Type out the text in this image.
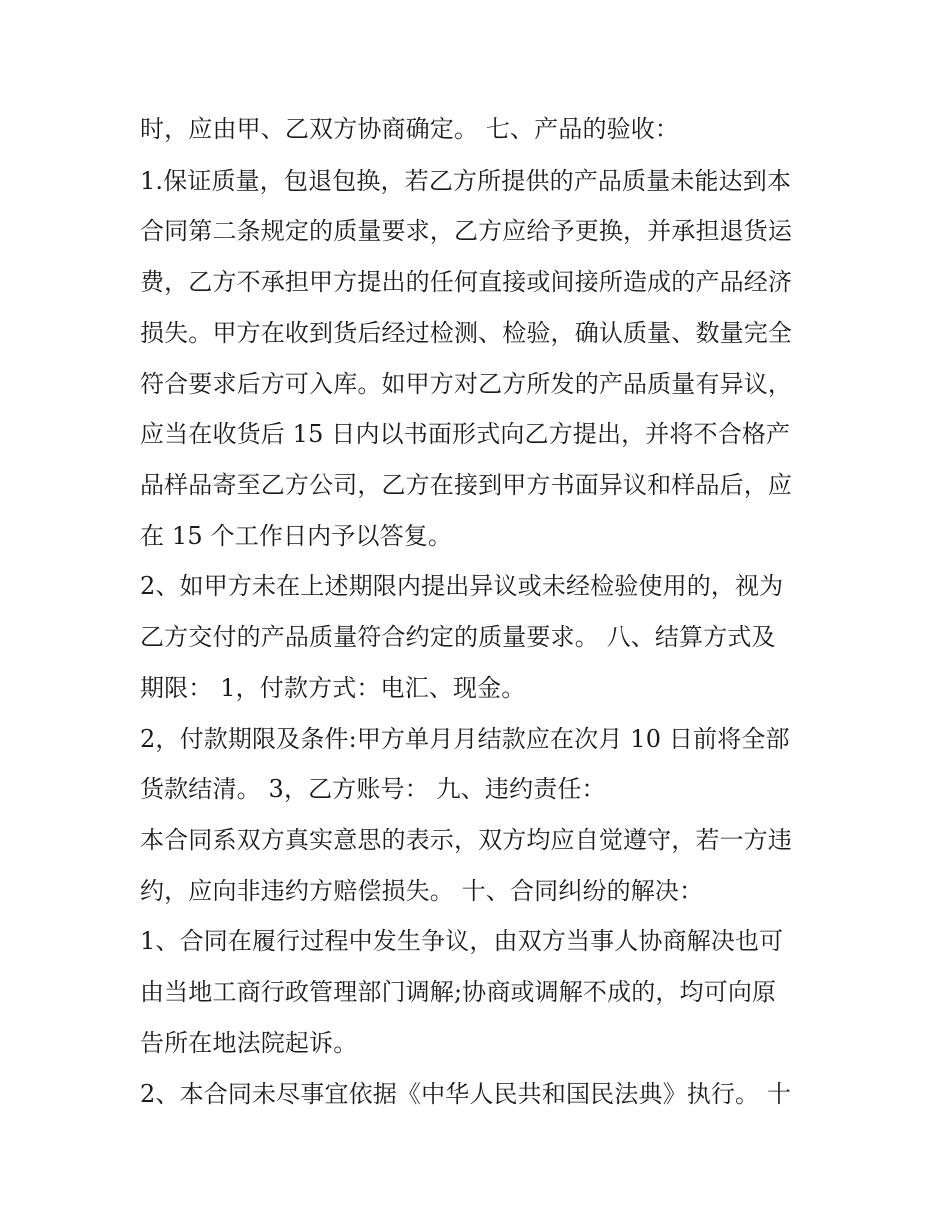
时，应由甲、乙双方协商确定。 七、产品的验收：

1.保证质量，包退包换，若乙方所提供的产品质量未能达到本

合同第二条规定的质量要求，乙方应给予更换，并承担退货运

费，乙方不承担甲方提出的任何直接或间接所造成的产品经济

损失。甲方在收到货后经过检测、检验，确认质量、数量完全

符合要求后方可入库。如甲方对乙方所发的产品质量有异议，

应当在收货后 15 日内以书面形式向乙方提出，并将不合格产

品样品寄至乙方公司，乙方在接到甲方书面异议和样品后，应

在 15 个工作日内予以答复。

2、如甲方未在上述期限内提出异议或未经检验使用的，视为

乙方交付的产品质量符合约定的质量要求。 八、结算方式及

期限： 1，付款方式：电汇、现金。

2，付款期限及条件:甲方单月月结款应在次月 10 日前将全部

货款结清。 3，乙方账号： 九、违约责任：

本合同系双方真实意思的表示，双方均应自觉遵守，若一方违

约，应向非违约方赔偿损失。 十、合同纠纷的解决：

1、合同在履行过程中发生争议，由双方当事人协商解决也可

由当地工商行政管理部门调解;协商或调解不成的，均可向原

告所在地法院起诉。

2、本合同未尽事宜依据《中华人民共和国民法典》执行。 十
